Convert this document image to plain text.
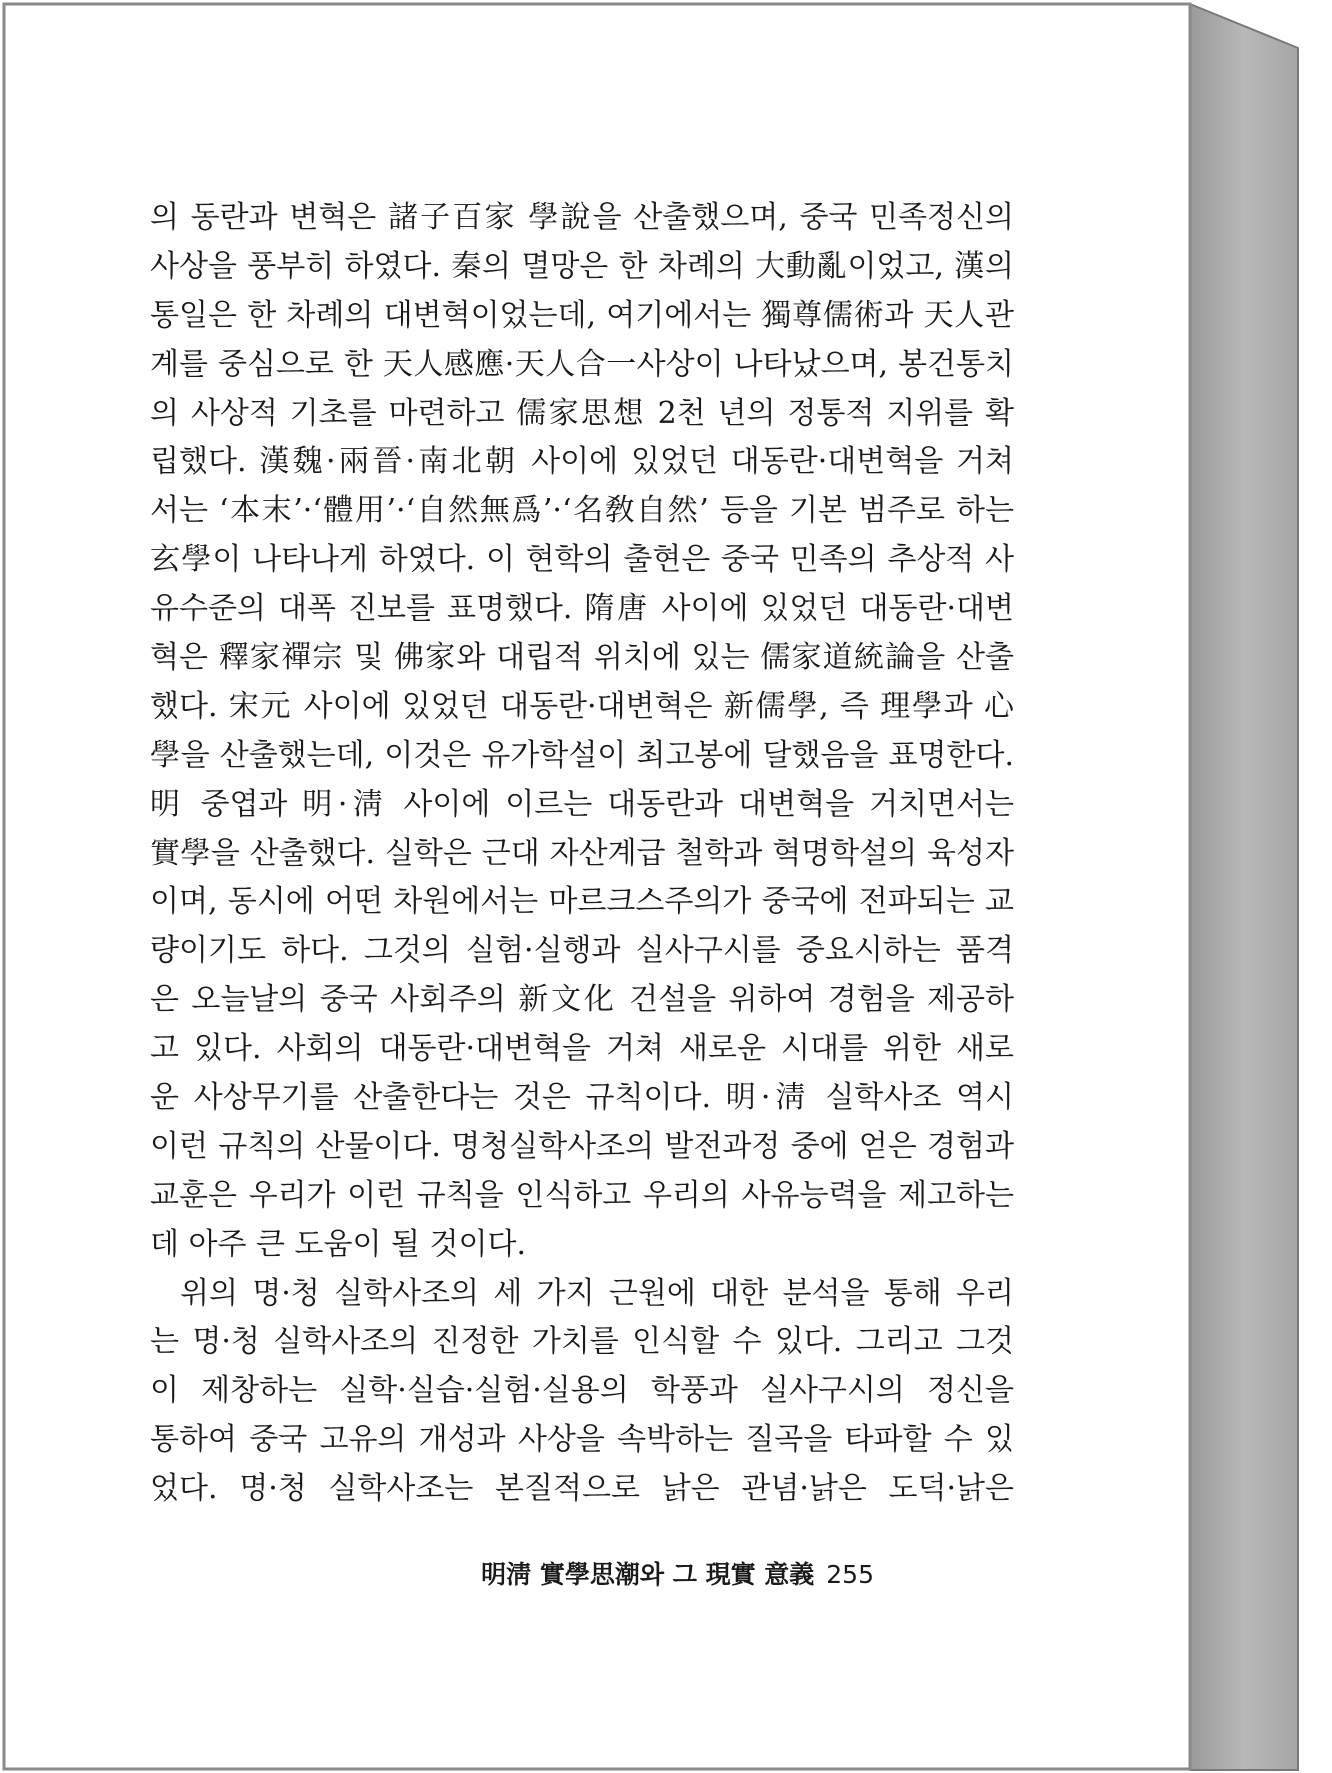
의 동란과 변혁은 諸子百家 學說을 산출했으며, 중국 민족정신의
사상을 풍부히 하였다. 秦의 멸망은 한 차례의 大動亂이었고, 漢의
통일은 한 차례의 대변혁이었는데, 여기에서는 獨尊儒術과 天人관
계를 중심으로 한 天人感應·天人合一사상이 나타났으며, 봉건통치
의 사상적 기초를 마련하고 儒家思想 2천 년의 정통적 지위를 확
립했다. 漢魏·兩晉·南北朝 사이에 있었던 대동란·대변혁을 거쳐
서는 ‘本末’·‘體用’·‘自然無爲’·‘名敎自然’ 등을 기본 범주로 하는
玄學이 나타나게 하였다. 이 현학의 출현은 중국 민족의 추상적 사
유수준의 대폭 진보를 표명했다. 隋唐 사이에 있었던 대동란·대변
혁은 釋家禪宗 및 佛家와 대립적 위치에 있는 儒家道統論을 산출
했다. 宋元 사이에 있었던 대동란·대변혁은 新儒學, 즉 理學과 心
學을 산출했는데, 이것은 유가학설이 최고봉에 달했음을 표명한다.
明 중엽과 明·淸 사이에 이르는 대동란과 대변혁을 거치면서는
實學을 산출했다. 실학은 근대 자산계급 철학과 혁명학설의 육성자
이며, 동시에 어떤 차원에서는 마르크스주의가 중국에 전파되는 교
량이기도 하다. 그것의 실험·실행과 실사구시를 중요시하는 품격
은 오늘날의 중국 사회주의 新文化 건설을 위하여 경험을 제공하
고 있다. 사회의 대동란·대변혁을 거쳐 새로운 시대를 위한 새로
운 사상무기를 산출한다는 것은 규칙이다. 明·淸 실학사조 역시
이런 규칙의 산물이다. 명청실학사조의 발전과정 중에 얻은 경험과
교훈은 우리가 이런 규칙을 인식하고 우리의 사유능력을 제고하는
데 아주 큰 도움이 될 것이다.
위의 명·청 실학사조의 세 가지 근원에 대한 분석을 통해 우리
는 명·청 실학사조의 진정한 가치를 인식할 수 있다. 그리고 그것
이 제창하는 실학·실습·실험·실용의 학풍과 실사구시의 정신을
통하여 중국 고유의 개성과 사상을 속박하는 질곡을 타파할 수 있
었다. 명·청 실학사조는 본질적으로 낡은 관념·낡은 도덕·낡은
明淸 實學思潮와 그 現實 意義 255
